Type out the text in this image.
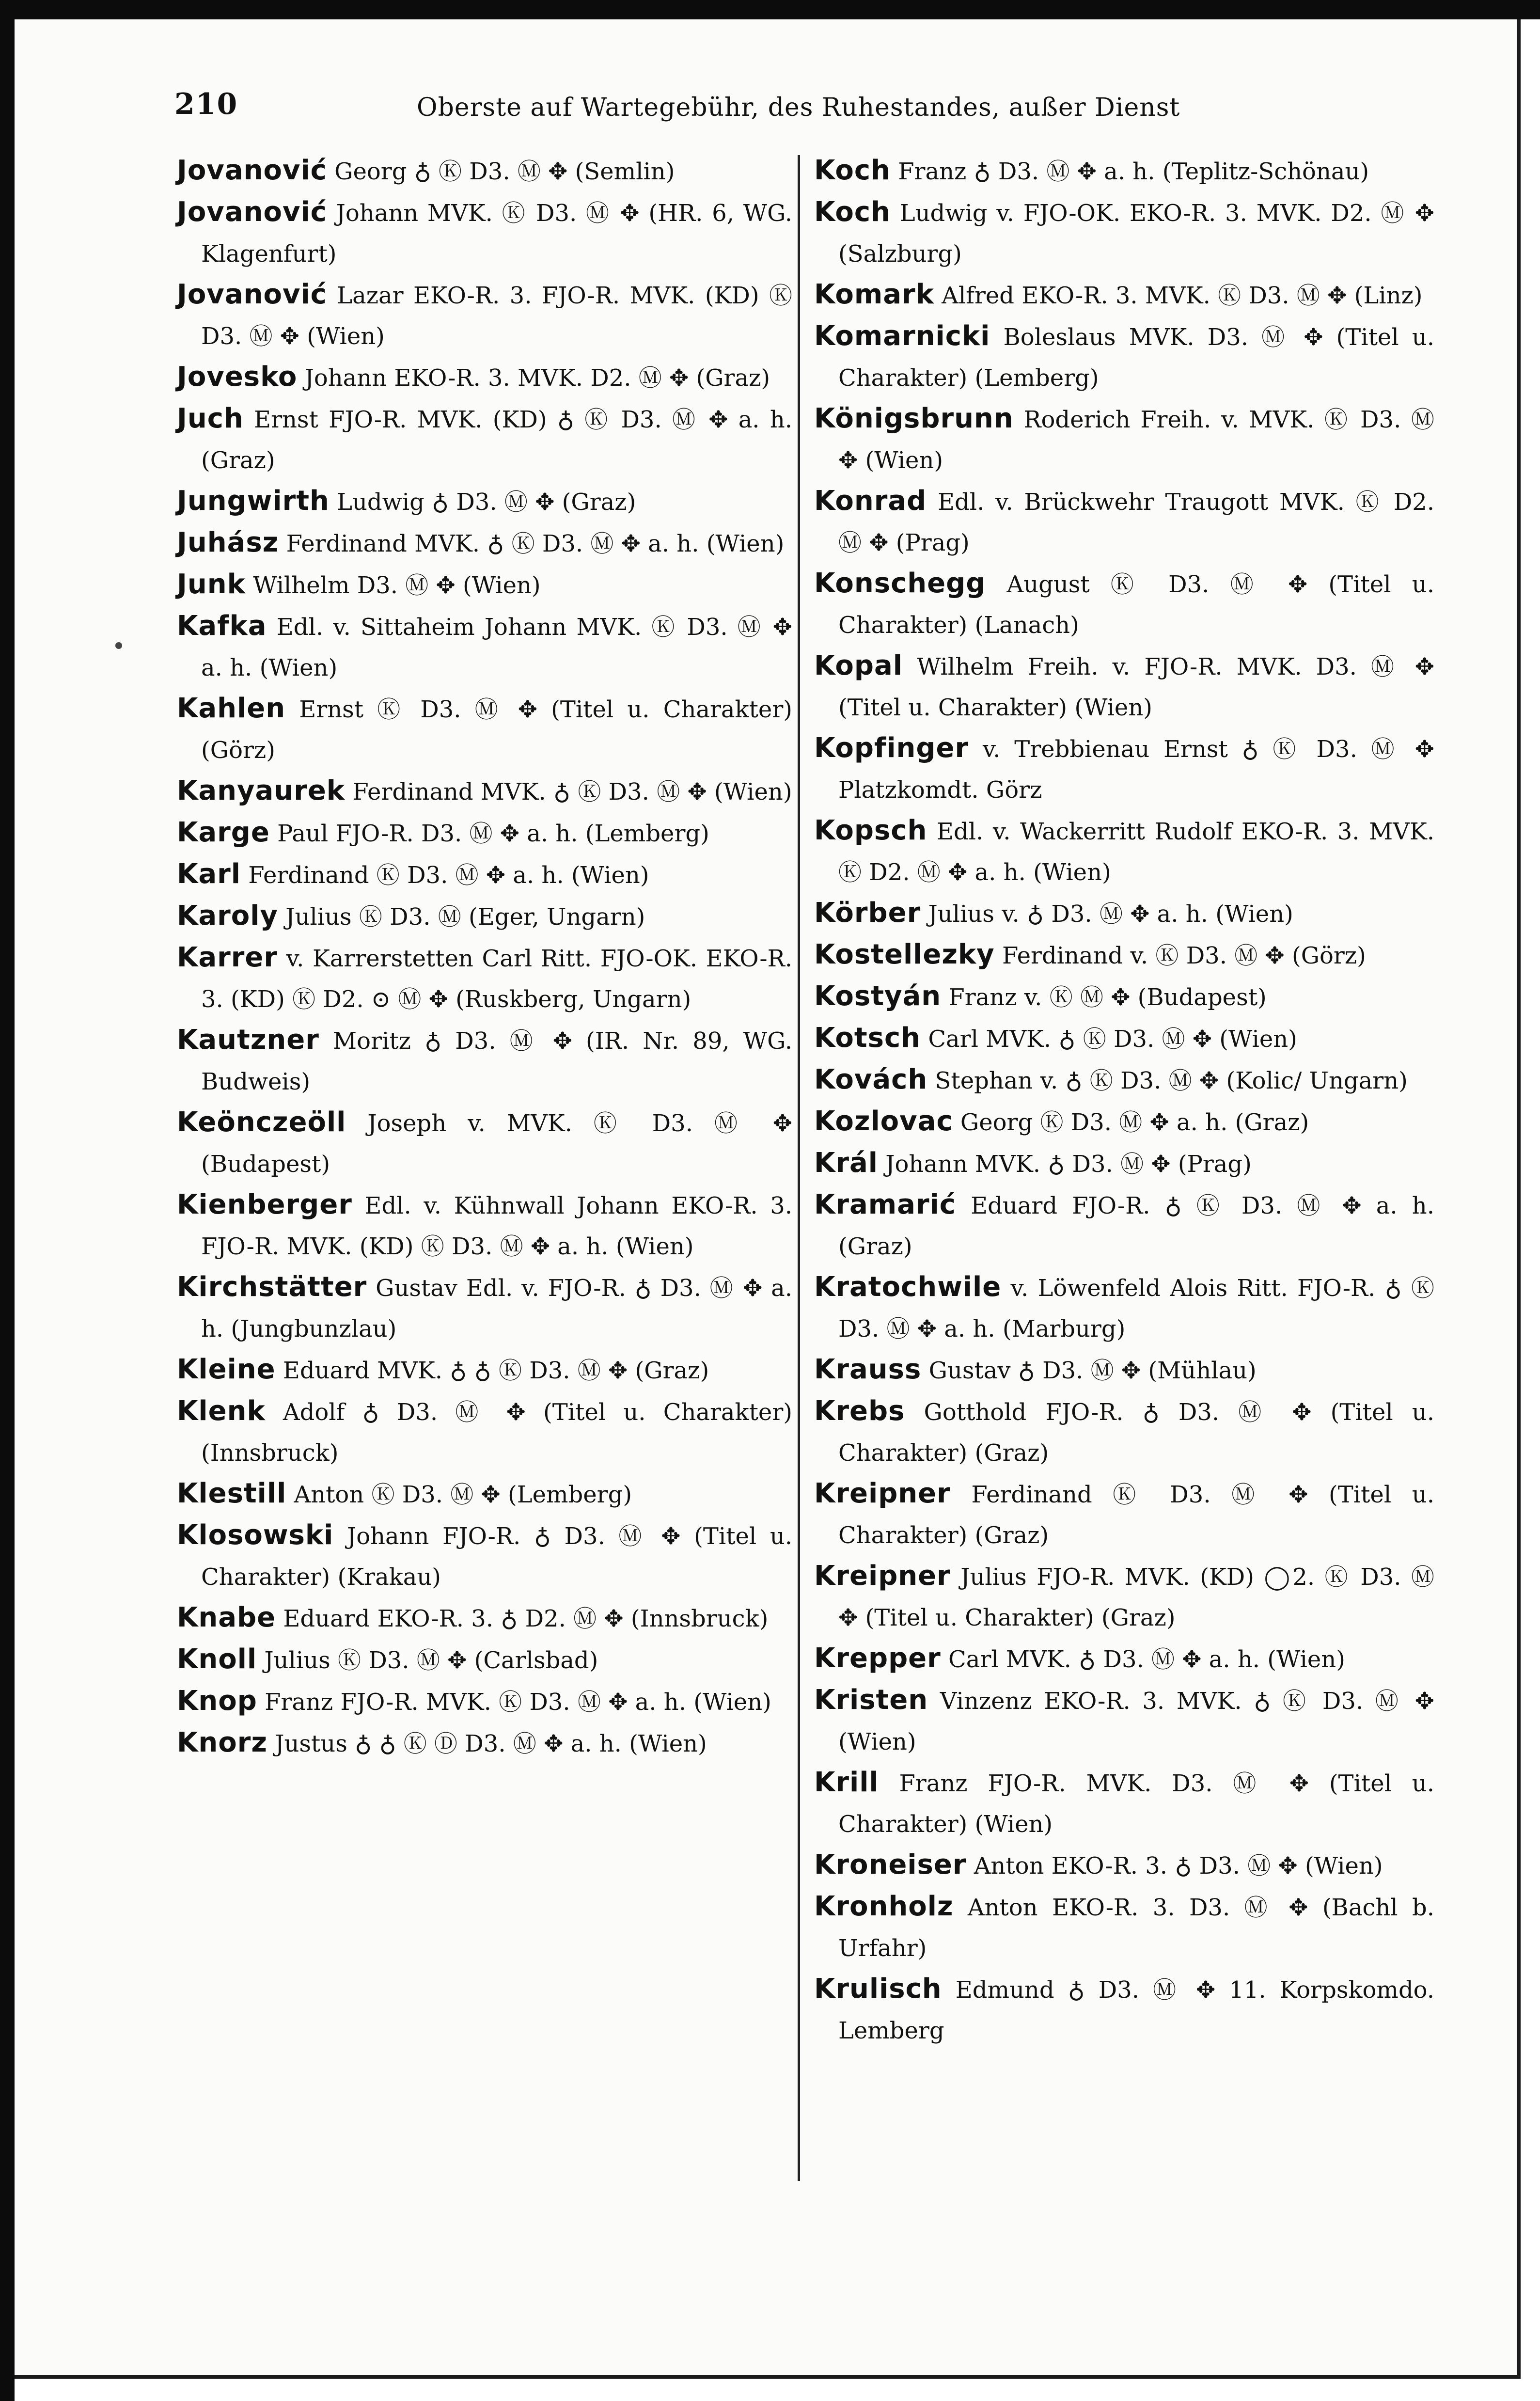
210	Oberste auf Wartegebühr, des Ruhestandes, außer Dienst
Jovanović Georg ♁ Ⓚ D3. Ⓜ ✥ (Semlin)
Jovanović Johann MVK. Ⓚ D3. Ⓜ ✥ (HR. 6, WG. Klagenfurt)
Jovanović Lazar EKO-R. 3. FJO-R. MVK. (KD) Ⓚ D3. Ⓜ ✥ (Wien)
Jovesko Johann EKO-R. 3. MVK. D2. Ⓜ ✥ (Graz)
Juch Ernst FJO-R. MVK. (KD) ♁ Ⓚ D3. Ⓜ ✥ a. h. (Graz)
Jungwirth Ludwig ♁ D3. Ⓜ ✥ (Graz)
Juhász Ferdinand MVK. ♁ Ⓚ D3. Ⓜ ✥ a. h. (Wien)
Junk Wilhelm D3. Ⓜ ✥ (Wien)
Kafka Edl. v. Sittaheim Johann MVK. Ⓚ D3. Ⓜ ✥ a. h. (Wien)
Kahlen Ernst Ⓚ D3. Ⓜ ✥ (Titel u. Charakter) (Görz)
Kanyaurek Ferdinand MVK. ♁ Ⓚ D3. Ⓜ ✥ (Wien)
Karge Paul FJO-R. D3. Ⓜ ✥ a. h. (Lemberg)
Karl Ferdinand Ⓚ D3. Ⓜ ✥ a. h. (Wien)
Karoly Julius Ⓚ D3. Ⓜ (Eger, Ungarn)
Karrer v. Karrerstetten Carl Ritt. FJO-OK. EKO-R. 3. (KD) Ⓚ D2. ⊙ Ⓜ ✥ (Ruskberg, Ungarn)
Kautzner Moritz ♁ D3. Ⓜ ✥ (IR. Nr. 89, WG. Budweis)
Keönczeöll Joseph v. MVK. Ⓚ D3. Ⓜ ✥ (Budapest)
Kienberger Edl. v. Kühnwall Johann EKO-R. 3. FJO-R. MVK. (KD) Ⓚ D3. Ⓜ ✥ a. h. (Wien)
Kirchstätter Gustav Edl. v. FJO-R. ♁ D3. Ⓜ ✥ a. h. (Jungbunzlau)
Kleine Eduard MVK. ♁ ♁ Ⓚ D3. Ⓜ ✥ (Graz)
Klenk Adolf ♁ D3. Ⓜ ✥ (Titel u. Charakter) (Innsbruck)
Klestill Anton Ⓚ D3. Ⓜ ✥ (Lemberg)
Klosowski Johann FJO-R. ♁ D3. Ⓜ ✥ (Titel u. Charakter) (Krakau)
Knabe Eduard EKO-R. 3. ♁ D2. Ⓜ ✥ (Innsbruck)
Knoll Julius Ⓚ D3. Ⓜ ✥ (Carlsbad)
Knop Franz FJO-R. MVK. Ⓚ D3. Ⓜ ✥ a. h. (Wien)
Knorz Justus ♁ ♁ Ⓚ Ⓓ D3. Ⓜ ✥ a. h. (Wien)
Koch Franz ♁ D3. Ⓜ ✥ a. h. (Teplitz-Schönau)
Koch Ludwig v. FJO-OK. EKO-R. 3. MVK. D2. Ⓜ ✥ (Salzburg)
Komark Alfred EKO-R. 3. MVK. Ⓚ D3. Ⓜ ✥ (Linz)
Komarnicki Boleslaus MVK. D3. Ⓜ ✥ (Titel u. Charakter) (Lemberg)
Königsbrunn Roderich Freih. v. MVK. Ⓚ D3. Ⓜ ✥ (Wien)
Konrad Edl. v. Brückwehr Traugott MVK. Ⓚ D2. Ⓜ ✥ (Prag)
Konschegg August Ⓚ D3. Ⓜ ✥ (Titel u. Charakter) (Lanach)
Kopal Wilhelm Freih. v. FJO-R. MVK. D3. Ⓜ ✥ (Titel u. Charakter) (Wien)
Kopfinger v. Trebbienau Ernst ♁ Ⓚ D3. Ⓜ ✥ Platzkomdt. Görz
Kopsch Edl. v. Wackerritt Rudolf EKO-R. 3. MVK. Ⓚ D2. Ⓜ ✥ a. h. (Wien)
Körber Julius v. ♁ D3. Ⓜ ✥ a. h. (Wien)
Kostellezky Ferdinand v. Ⓚ D3. Ⓜ ✥ (Görz)
Kostyán Franz v. Ⓚ Ⓜ ✥ (Budapest)
Kotsch Carl MVK. ♁ Ⓚ D3. Ⓜ ✥ (Wien)
Kovách Stephan v. ♁ Ⓚ D3. Ⓜ ✥ (Kolic/ Ungarn)
Kozlovac Georg Ⓚ D3. Ⓜ ✥ a. h. (Graz)
Král Johann MVK. ♁ D3. Ⓜ ✥ (Prag)
Kramarić Eduard FJO-R. ♁ Ⓚ D3. Ⓜ ✥ a. h. (Graz)
Kratochwile v. Löwenfeld Alois Ritt. FJO-R. ♁ Ⓚ D3. Ⓜ ✥ a. h. (Marburg)
Krauss Gustav ♁ D3. Ⓜ ✥ (Mühlau)
Krebs Gotthold FJO-R. ♁ D3. Ⓜ ✥ (Titel u. Charakter) (Graz)
Kreipner Ferdinand Ⓚ D3. Ⓜ ✥ (Titel u. Charakter) (Graz)
Kreipner Julius FJO-R. MVK. (KD) ◯2. Ⓚ D3. Ⓜ ✥ (Titel u. Charakter) (Graz)
Krepper Carl MVK. ♁ D3. Ⓜ ✥ a. h. (Wien)
Kristen Vinzenz EKO-R. 3. MVK. ♁ Ⓚ D3. Ⓜ ✥ (Wien)
Krill Franz FJO-R. MVK. D3. Ⓜ ✥ (Titel u. Charakter) (Wien)
Kroneiser Anton EKO-R. 3. ♁ D3. Ⓜ ✥ (Wien)
Kronholz Anton EKO-R. 3. D3. Ⓜ ✥ (Bachl b. Urfahr)
Krulisch Edmund ♁ D3. Ⓜ ✥ 11. Korpskomdo. Lemberg
